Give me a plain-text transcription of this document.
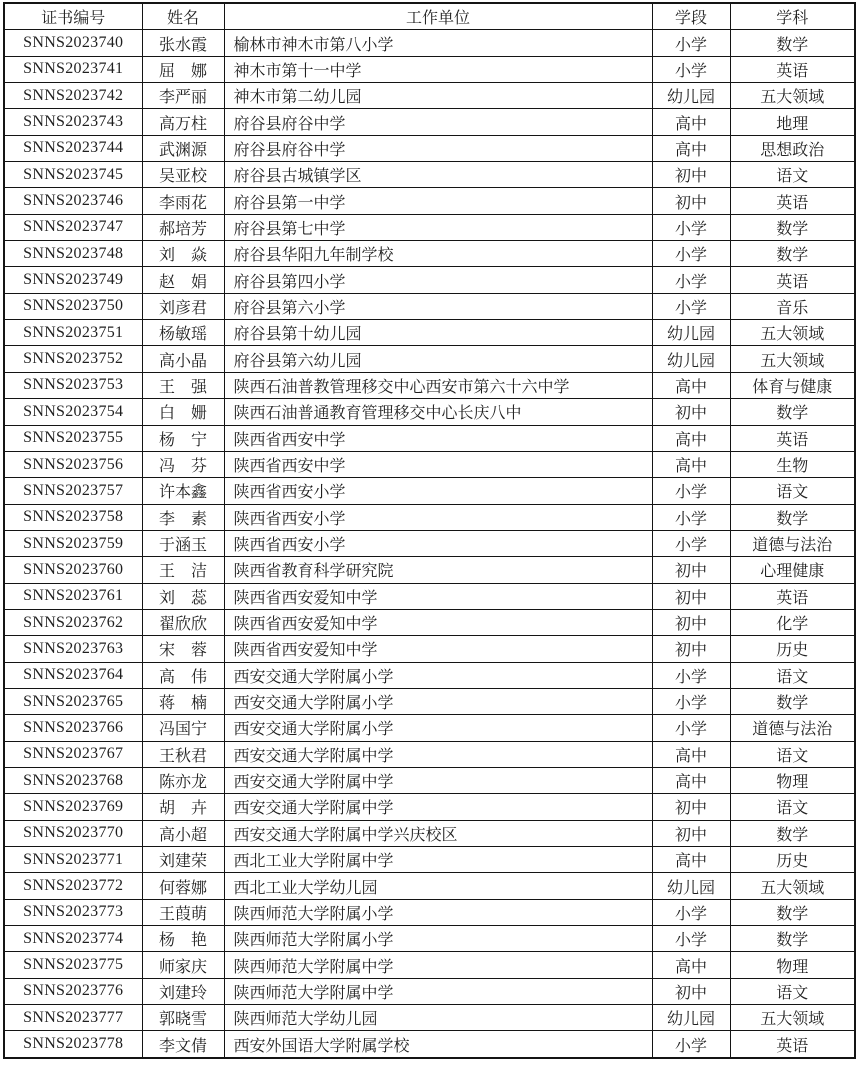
证书编号	姓名	工作单位	学段	学科
SNNS2023740	张水霞	榆林市神木市第八小学	小学	数学
SNNS2023741	屈　娜	神木市第十一中学	小学	英语
SNNS2023742	李严丽	神木市第二幼儿园	幼儿园	五大领域
SNNS2023743	高万柱	府谷县府谷中学	高中	地理
SNNS2023744	武渊源	府谷县府谷中学	高中	思想政治
SNNS2023745	吴亚校	府谷县古城镇学区	初中	语文
SNNS2023746	李雨花	府谷县第一中学	初中	英语
SNNS2023747	郝培芳	府谷县第七中学	小学	数学
SNNS2023748	刘　焱	府谷县华阳九年制学校	小学	数学
SNNS2023749	赵　娟	府谷县第四小学	小学	英语
SNNS2023750	刘彦君	府谷县第六小学	小学	音乐
SNNS2023751	杨敏瑶	府谷县第十幼儿园	幼儿园	五大领域
SNNS2023752	高小晶	府谷县第六幼儿园	幼儿园	五大领域
SNNS2023753	王　强	陕西石油普教管理移交中心西安市第六十六中学	高中	体育与健康
SNNS2023754	白　姗	陕西石油普通教育管理移交中心长庆八中	初中	数学
SNNS2023755	杨　宁	陕西省西安中学	高中	英语
SNNS2023756	冯　芬	陕西省西安中学	高中	生物
SNNS2023757	许本鑫	陕西省西安小学	小学	语文
SNNS2023758	李　素	陕西省西安小学	小学	数学
SNNS2023759	于涵玉	陕西省西安小学	小学	道德与法治
SNNS2023760	王　洁	陕西省教育科学研究院	初中	心理健康
SNNS2023761	刘　蕊	陕西省西安爱知中学	初中	英语
SNNS2023762	翟欣欣	陕西省西安爱知中学	初中	化学
SNNS2023763	宋　蓉	陕西省西安爱知中学	初中	历史
SNNS2023764	高　伟	西安交通大学附属小学	小学	语文
SNNS2023765	蒋　楠	西安交通大学附属小学	小学	数学
SNNS2023766	冯国宁	西安交通大学附属小学	小学	道德与法治
SNNS2023767	王秋君	西安交通大学附属中学	高中	语文
SNNS2023768	陈亦龙	西安交通大学附属中学	高中	物理
SNNS2023769	胡　卉	西安交通大学附属中学	初中	语文
SNNS2023770	高小超	西安交通大学附属中学兴庆校区	初中	数学
SNNS2023771	刘建荣	西北工业大学附属中学	高中	历史
SNNS2023772	何蓉娜	西北工业大学幼儿园	幼儿园	五大领域
SNNS2023773	王葭萌	陕西师范大学附属小学	小学	数学
SNNS2023774	杨　艳	陕西师范大学附属小学	小学	数学
SNNS2023775	师家庆	陕西师范大学附属中学	高中	物理
SNNS2023776	刘建玲	陕西师范大学附属中学	初中	语文
SNNS2023777	郭晓雪	陕西师范大学幼儿园	幼儿园	五大领域
SNNS2023778	李文倩	西安外国语大学附属学校	小学	英语
